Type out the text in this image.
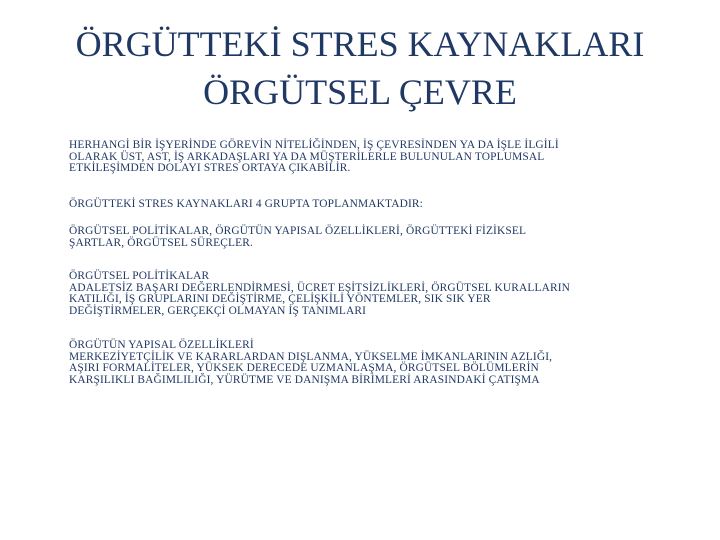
ÖRGÜTTEKİ STRES KAYNAKLARI
ÖRGÜTSEL ÇEVRE

HERHANGİ BİR İŞYERİNDE GÖREVİN NİTELİĞİNDEN, İŞ ÇEVRESİNDEN YA DA İŞLE İLGİLİ
OLARAK ÜST, AST, İŞ ARKADAŞLARI YA DA MÜŞTERİLERLE BULUNULAN TOPLUMSAL
ETKİLEŞİMDEN DOLAYI STRES ORTAYA ÇIKABİLİR.

ÖRGÜTTEKİ STRES KAYNAKLARI 4 GRUPTA TOPLANMAKTADIR:

ÖRGÜTSEL POLİTİKALAR, ÖRGÜTÜN YAPISAL ÖZELLİKLERİ, ÖRGÜTTEKİ FİZİKSEL
ŞARTLAR, ÖRGÜTSEL SÜREÇLER.

ÖRGÜTSEL POLİTİKALAR
ADALETSİZ BAŞARI DEĞERLENDİRMESİ, ÜCRET EŞİTSİZLİKLERİ, ÖRGÜTSEL KURALLARIN
KATILIĞI, İŞ GRUPLARINI DEĞİŞTİRME, ÇELİŞKİLİ YÖNTEMLER, SIK SIK YER
DEĞİŞTİRMELER, GERÇEKÇİ OLMAYAN İŞ TANIMLARI

ÖRGÜTÜN YAPISAL ÖZELLİKLERİ
MERKEZİYETÇİLİK VE KARARLARDAN DIŞLANMA, YÜKSELME İMKANLARININ AZLIĞI,
AŞIRI FORMALİTELER, YÜKSEK DERECEDE UZMANLAŞMA, ÖRGÜTSEL BÖLÜMLERİN
KARŞILIKLI BAĞIMLILIĞI, YÜRÜTME VE DANIŞMA BİRİMLERİ ARASINDAKİ ÇATIŞMA
